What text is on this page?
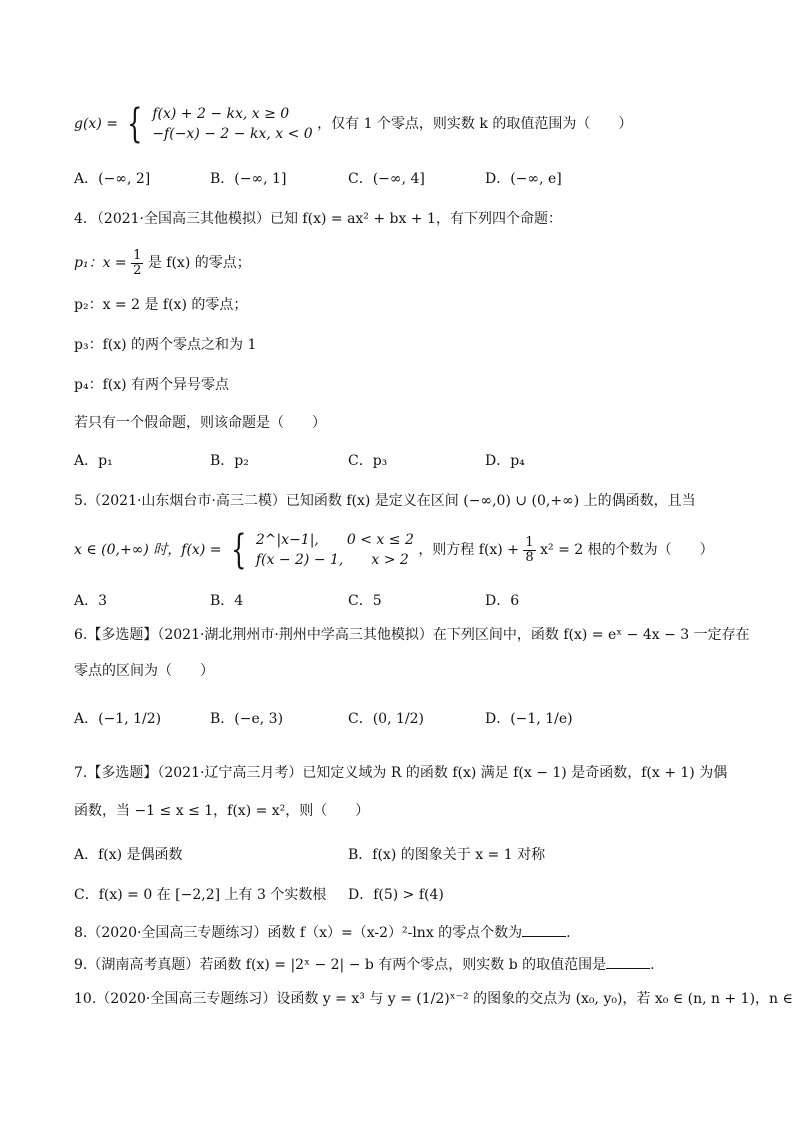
g(x) = { f(x) + 2 − kx, x ≥ 0
−f(−x) − 2 − kx, x < 0
，仅有 1 个零点，则实数 k 的取值范围为（　　）
A．(−∞, 2]	B．(−∞, 1]	C．(−∞, 4]	D．(−∞, e]
4．（2021·全国高三其他模拟）已知 f(x) = ax² + bx + 1，有下列四个命题：
p₁：$x = \frac{1}{2}$ 是 f(x) 的零点；
p₂：x = 2 是 f(x) 的零点；
p₃：f(x) 的两个零点之和为 1
p₄：f(x) 有两个异号零点
若只有一个假命题，则该命题是（　　）
A．p₁	B．p₂	C．p₃	D．p₄
5.（2021·山东烟台市·高三二模）已知函数 f(x) 是定义在区间 (−∞,0) ∪ (0,+∞) 上的偶函数，且当
x ∈ (0,+∞) 时，f(x) = { 2^|x−1|,　　0 < x ≤ 2
f(x − 2) − 1,　　x > 2
，则方程 $f(x) + \frac{1}{8} x^2 = 2$ 根的个数为（　　）
A．3	B．4	C．5	D．6
6.【多选题】（2021·湖北荆州市·荆州中学高三其他模拟）在下列区间中，函数 f(x) = eˣ − 4x − 3 一定存在
零点的区间为（　　）
A．(−1, 1/2)	B．(−e, 3)	C．(0, 1/2)	D．(−1, 1/e)
7.【多选题】（2021·辽宁高三月考）已知定义域为 R 的函数 f(x) 满足 f(x − 1) 是奇函数，f(x + 1) 为偶
函数，当 −1 ≤ x ≤ 1，f(x) = x²，则（　　）
A．f(x) 是偶函数	B．f(x) 的图象关于 x = 1 对称
C．f(x) = 0 在 [−2,2] 上有 3 个实数根 D．f(5) > f(4)
8.（2020·全国高三专题练习）函数 f（x）=（x-2）²-lnx 的零点个数为	.
9.（湖南高考真题）若函数 f(x) = |2ˣ − 2| − b 有两个零点，则实数 b 的取值范围是	.
10.（2020·全国高三专题练习）设函数 y = x³ 与 y = (1/2)ˣ⁻² 的图象的交点为 (x₀, y₀)，若 x₀ ∈ (n, n + 1)，n ∈
